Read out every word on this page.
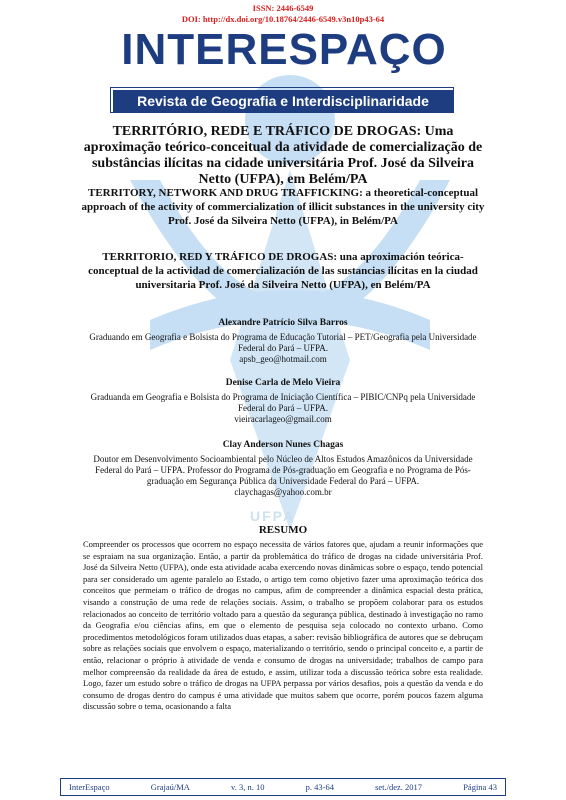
UFPA
ISSN: 2446-6549
DOI: http://dx.doi.org/10.18764/2446-6549.v3n10p43-64
INTERESPAÇO
Revista de Geografia e Interdisciplinaridade
TERRITÓRIO, REDE E TRÁFICO DE DROGAS: Uma aproximação teórico-conceitual da atividade de comercialização de substâncias ilícitas na cidade universitária Prof. José da Silveira Netto (UFPA), em Belém/PA
TERRITORY, NETWORK AND DRUG TRAFFICKING: a theoretical-conceptual approach of the activity of commercialization of illicit substances in the university city Prof. José da Silveira Netto (UFPA), in Belém/PA
TERRITORIO, RED Y TRÁFICO DE DROGAS: una aproximación teórica-conceptual de la actividad de comercialización de las sustancias ilícitas en la ciudad universitaria Prof. José da Silveira Netto (UFPA), en Belém/PA
Alexandre Patrício Silva Barros
Graduando em Geografia e Bolsista do Programa de Educação Tutorial – PET/Geografia pela Universidade Federal do Pará – UFPA.
apsb_geo@hotmail.com
Denise Carla de Melo Vieira
Graduanda em Geografia e Bolsista do Programa de Iniciação Científica – PIBIC/CNPq pela Universidade Federal do Pará – UFPA.
vieiracarlageo@gmail.com
Clay Anderson Nunes Chagas
Doutor em Desenvolvimento Socioambiental pelo Núcleo de Altos Estudos Amazônicos da Universidade Federal do Pará – UFPA. Professor do Programa de Pós-graduação em Geografia e no Programa de Pós-graduação em Segurança Pública da Universidade Federal do Pará – UFPA.
claychagas@yahoo.com.br
RESUMO
Compreender os processos que ocorrem no espaço necessita de vários fatores que, ajudam a reunir informações que se espraiam na sua organização. Então, a partir da problemática do tráfico de drogas na cidade universitária Prof. José da Silveira Netto (UFPA), onde esta atividade acaba exercendo novas dinâmicas sobre o espaço, tendo potencial para ser considerado um agente paralelo ao Estado, o artigo tem como objetivo fazer uma aproximação teórica dos conceitos que permeiam o tráfico de drogas no campus, afim de compreender a dinâmica espacial desta prática, visando a construção de uma rede de relações sociais. Assim, o trabalho se propõem colaborar para os estudos relacionados ao conceito de território voltado para a questão da segurança pública, destinado à investigação no ramo da Geografia e/ou ciências afins, em que o elemento de pesquisa seja colocado no contexto urbano. Como procedimentos metodológicos foram utilizados duas etapas, a saber: revisão bibliográfica de autores que se debruçam sobre as relações sociais que envolvem o espaço, materializando o território, sendo o principal conceito e, a partir de então, relacionar o próprio à atividade de venda e consumo de drogas na universidade; trabalhos de campo para melhor compreensão da realidade da área de estudo, e assim, utilizar toda a discussão teórica sobre esta realidade. Logo, fazer um estudo sobre o tráfico de drogas na UFPA perpassa por vários desafios, pois a questão da venda e do consumo de drogas dentro do campus é uma atividade que muitos sabem que ocorre, porém poucos fazem alguma discussão sobre o tema, ocasionando a falta
InterEspaço	Grajaú/MA	v. 3, n. 10	p. 43-64	set./dez. 2017	Página 43
